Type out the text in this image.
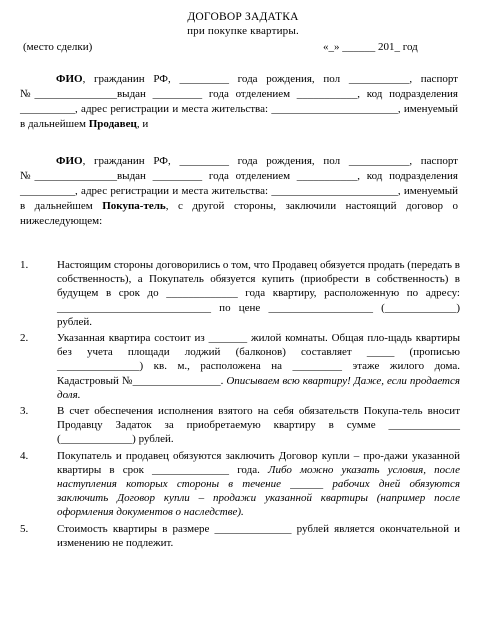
ДОГОВОР ЗАДАТКА
при покупке квартиры.
(место сделки)	«_» ______ 201_ год

ФИО, гражданин РФ, _________ года рождения, пол ___________, паспорт №_______________выдан _________ года отделением ___________, код подразделения __________, адрес регистрации и места жительства: _______________________, именуемый в дальнейшем Продавец, и

ФИО, гражданин РФ, _________ года рождения, пол ___________, паспорт №_______________выдан _________ года отделением ___________, код подразделения __________, адрес регистрации и места жительства: _______________________, именуемый в дальнейшем Покупа-тель, с другой стороны, заключили настоящий договор о нижеследующем:

1.	Настоящим стороны договорились о том, что Продавец обязуется продать (передать в собственность), а Покупатель обязуется купить (приобрести в собственность) в будущем в срок до _____________ года квартиру, расположенную по адресу: ____________________________ по цене ___________________ (_____________) рублей.
2.	Указанная квартира состоит из _______ жилой комнаты. Общая пло-щадь квартиры без учета площади лоджий (балконов) составляет _____ (прописью _______________) кв. м., расположена на _________ этаже жилого дома. Кадастровый №________________. Описываем всю квартиру! Даже, если продается доля.
3.	В счет обеспечения исполнения взятого на себя обязательств Покупа-тель вносит Продавцу Задаток за приобретаемую квартиру в сумме _____________ (_____________) рублей.
4.	Покупатель и продавец обязуются заключить Договор купли – про-дажи указанной квартиры в срок ______________ года. Либо можно указать условия, после наступления которых стороны в течение ______ рабочих дней обязуются заключить Договор купли – продажи указанной квартиры (например после оформления документов о наследстве).
5.	Стоимость квартиры в размере ______________ рублей является окончательной и изменению не подлежит.
